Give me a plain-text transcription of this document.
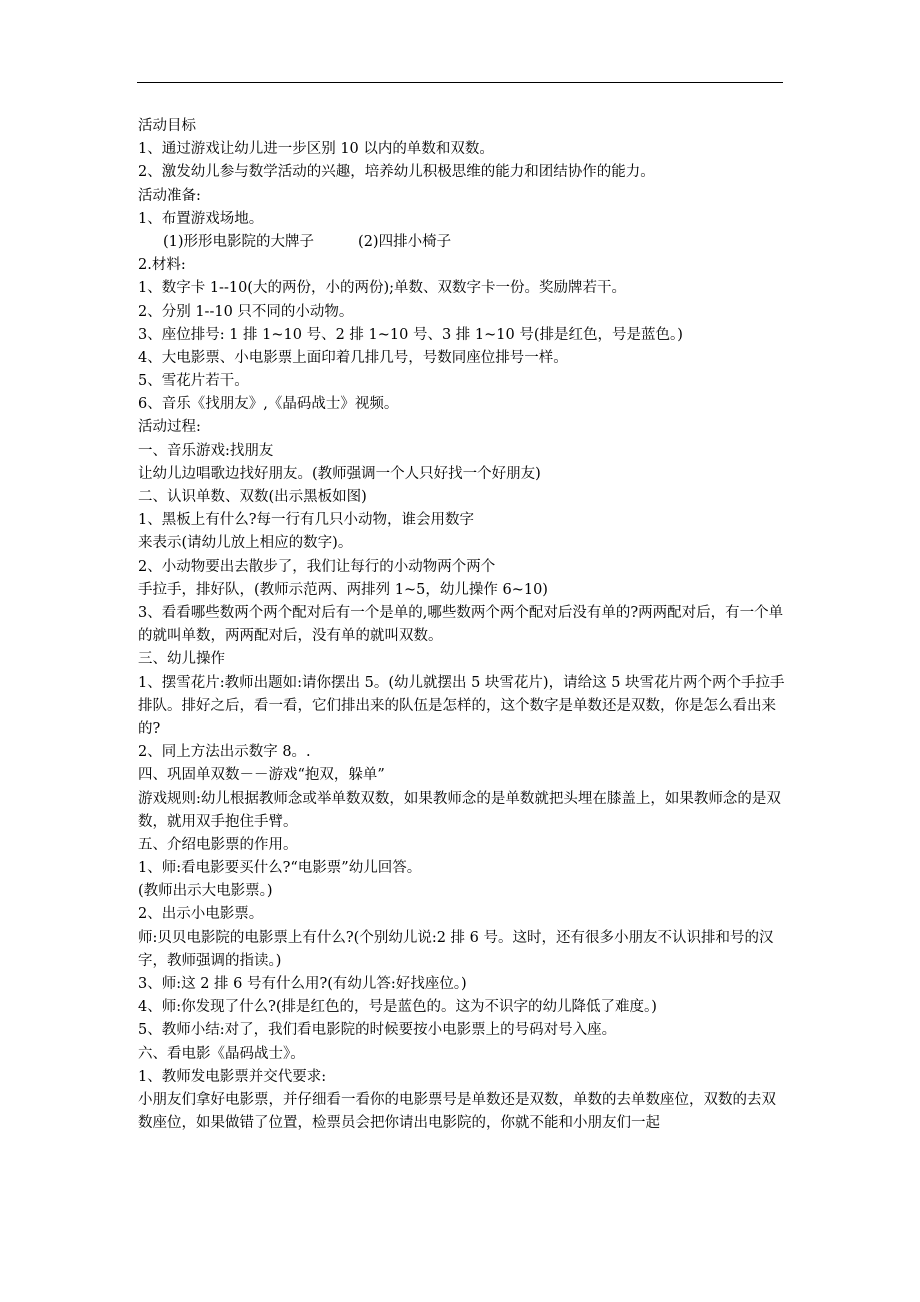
活动目标
1、通过游戏让幼儿进一步区别 10 以内的单数和双数。
2、激发幼儿参与数学活动的兴趣，培养幼儿积极思维的能力和团结协作的能力。
活动准备:
1、布置游戏场地。
(1)形形电影院的大牌子	(2)四排小椅子
2.材料:
1、数字卡 1--10(大的两份，小的两份);单数、双数字卡一份。奖励牌若干。
2、分别 1--10 只不同的小动物。
3、座位排号: 1 排 1~10 号、2 排 1~10 号、3 排 1~10 号(排是红色，号是蓝色。)
4、大电影票、小电影票上面印着几排几号，号数同座位排号一样。
5、雪花片若干。
6、音乐《找朋友》,《晶码战士》视频。
活动过程:
一、音乐游戏:找朋友
让幼儿边唱歌边找好朋友。(教师强调一个人只好找一个好朋友)
二、认识单数、双数(出示黑板如图)
1、黑板上有什么?每一行有几只小动物，谁会用数字
来表示(请幼儿放上相应的数字)。
2、小动物要出去散步了，我们让每行的小动物两个两个
手拉手，排好队，(教师示范两、两排列 1~5，幼儿操作 6~10)
3、看看哪些数两个两个配对后有一个是单的,哪些数两个两个配对后没有单的?两两配对后，有一个单的就叫单数，两两配对后，没有单的就叫双数。
三、幼儿操作
1、摆雪花片:教师出题如:请你摆出 5。(幼儿就摆出 5 块雪花片)，请给这 5 块雪花片两个两个手拉手排队。排好之后，看一看，它们排出来的队伍是怎样的，这个数字是单数还是双数，你是怎么看出来的?
2、同上方法出示数字 8。.
四、巩固单双数－－游戏“抱双，躲单”
游戏规则:幼儿根据教师念或举单数双数，如果教师念的是单数就把头埋在膝盖上，如果教师念的是双数，就用双手抱住手臂。
五、介绍电影票的作用。
1、师:看电影要买什么?“电影票”幼儿回答。
(教师出示大电影票。)
2、出示小电影票。
师:贝贝电影院的电影票上有什么?(个别幼儿说:2 排 6 号。这时，还有很多小朋友不认识排和号的汉字，教师强调的指读。)
3、师:这 2 排 6 号有什么用?(有幼儿答:好找座位。)
4、师:你发现了什么?(排是红色的，号是蓝色的。这为不识字的幼儿降低了难度。)
5、教师小结:对了，我们看电影院的时候要按小电影票上的号码对号入座。
六、看电影《晶码战士》。
1、教师发电影票并交代要求:
小朋友们拿好电影票，并仔细看一看你的电影票号是单数还是双数，单数的去单数座位，双数的去双数座位，如果做错了位置，检票员会把你请出电影院的，你就不能和小朋友们一起
